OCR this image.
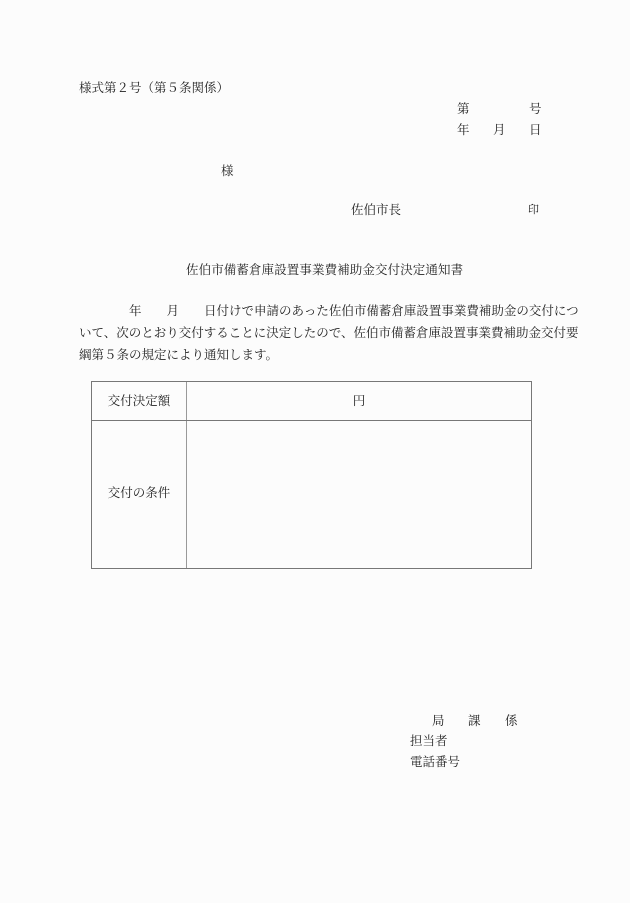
様式第２号（第５条関係）
第	号
年 月 日
様
佐伯市長	印
佐伯市備蓄倉庫設置事業費補助金交付決定通知書
　　　　年　　月　　日付けで申請のあった佐伯市備蓄倉庫設置事業費補助金の交付につ
いて、次のとおり交付することに決定したので、佐伯市備蓄倉庫設置事業費補助金交付要
綱第５条の規定により通知します。
交付決定額	円
交付の条件
局 課 係
担当者
電話番号
